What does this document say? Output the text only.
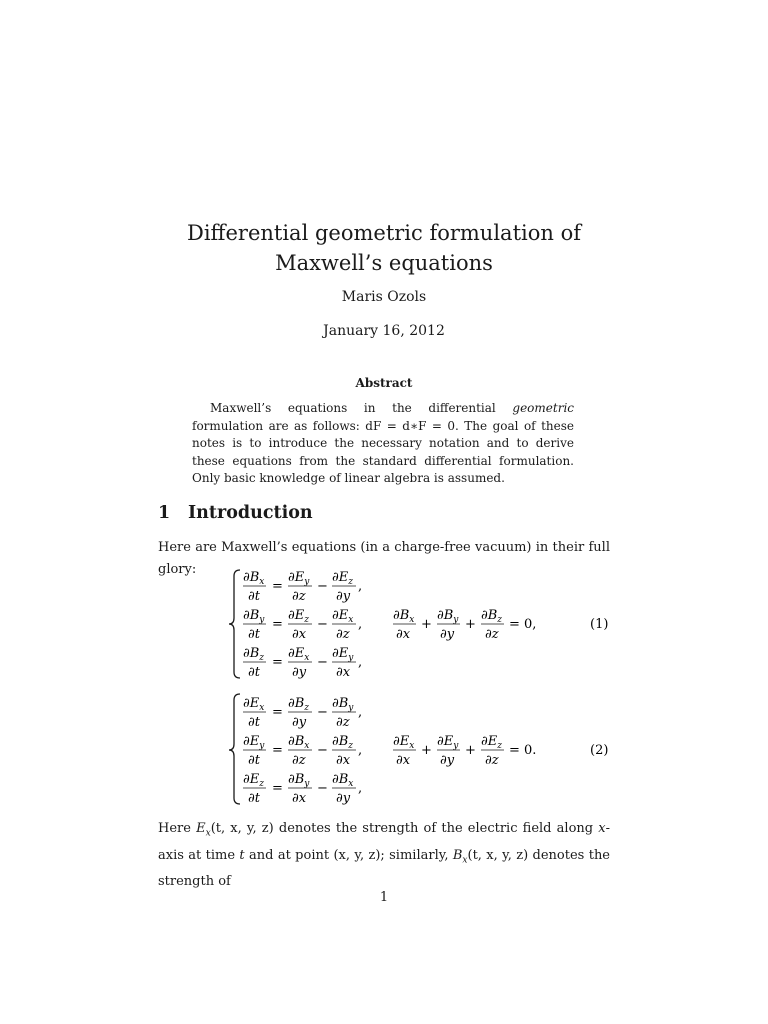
Differential geometric formulation of
Maxwell’s equations
Maris Ozols
January 16, 2012
Abstract

Maxwell’s equations in the differential geometric formulation are as follows: dF = d∗F = 0. The goal of these notes is to introduce the necessary notation and to derive these equations from the standard differential formulation. Only basic knowledge of linear algebra is assumed.

1 Introduction

Here are Maxwell’s equations (in a charge-free vacuum) in their full glory:

$\partial B_x$
∂t
=
$\partial E_y$
∂z
−
$\partial E_z$
∂y
,
$\partial B_y$
∂t
=
$\partial E_z$
∂x
−
$\partial E_x$
∂z
,
$\partial B_x$
∂x
+
$\partial B_y$
∂y
+
$\partial B_z$
∂z
= 0,	(1)
$\partial B_z$
∂t
=
$\partial E_x$
∂y
−
$\partial E_y$
∂x
,
$\partial E_x$
∂t
=
$\partial B_z$
∂y
−
$\partial B_y$
∂z
,
$\partial E_y$
∂t
=
$\partial B_x$
∂z
−
$\partial B_z$
∂x
,
$\partial E_x$
∂x
+
$\partial E_y$
∂y
+
$\partial E_z$
∂z
= 0.	(2)
$\partial E_z$
∂t
=
$\partial B_y$
∂x
−
$\partial B_x$
∂y
,

Here $E_x(t$, x, y, z) denotes the strength of the electric field along x-axis at time t and at point (x, y, z); similarly, $B_x(t$, x, y, z) denotes the strength of

1
